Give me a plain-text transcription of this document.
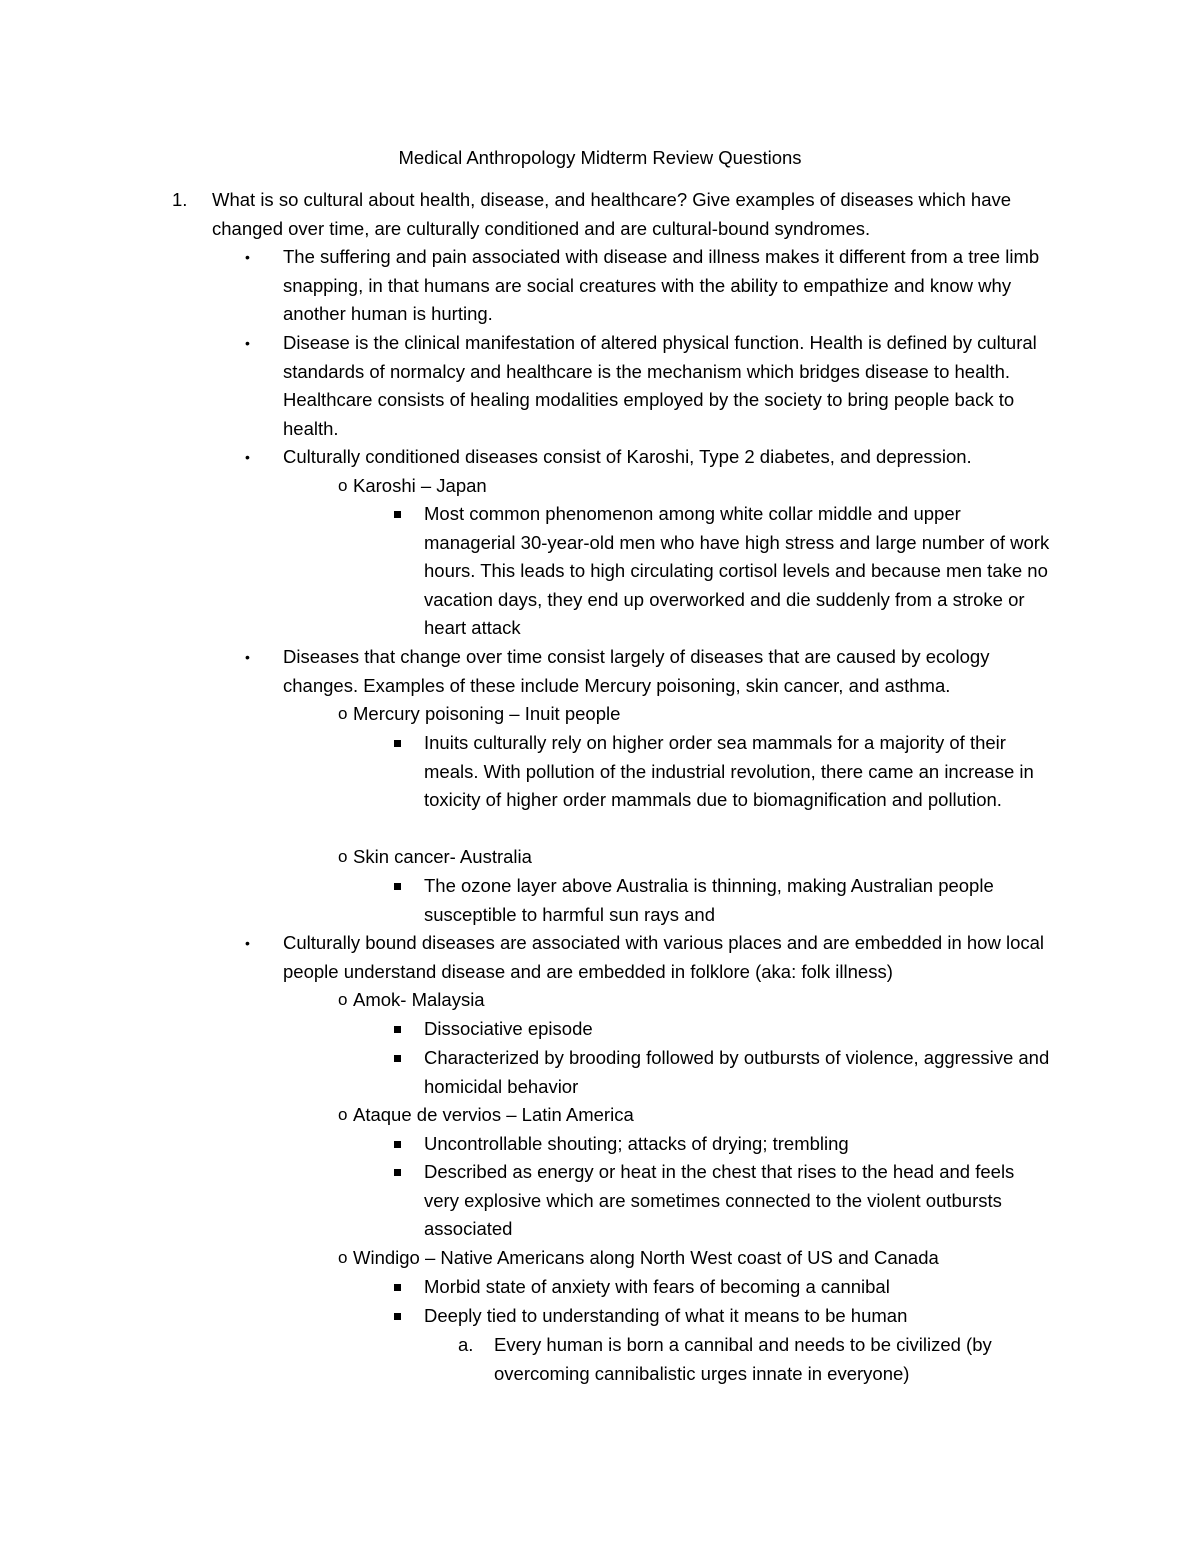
Medical Anthropology Midterm Review Questions
1. What is so cultural about health, disease, and healthcare? Give examples of diseases which have changed over time, are culturally conditioned and are cultural-bound syndromes.
• The suffering and pain associated with disease and illness makes it different from a tree limb snapping, in that humans are social creatures with the ability to empathize and know why another human is hurting.
• Disease is the clinical manifestation of altered physical function. Health is defined by cultural standards of normalcy and healthcare is the mechanism which bridges disease to health. Healthcare consists of healing modalities employed by the society to bring people back to health.
• Culturally conditioned diseases consist of Karoshi, Type 2 diabetes, and depression.
o Karoshi – Japan
Most common phenomenon among white collar middle and upper managerial 30-year-old men who have high stress and large number of work hours. This leads to high circulating cortisol levels and because men take no vacation days, they end up overworked and die suddenly from a stroke or heart attack
• Diseases that change over time consist largely of diseases that are caused by ecology changes. Examples of these include Mercury poisoning, skin cancer, and asthma.
o Mercury poisoning – Inuit people
Inuits culturally rely on higher order sea mammals for a majority of their meals. With pollution of the industrial revolution, there came an increase in toxicity of higher order mammals due to biomagnification and pollution.
o Skin cancer- Australia
The ozone layer above Australia is thinning, making Australian people susceptible to harmful sun rays and
• Culturally bound diseases are associated with various places and are embedded in how local people understand disease and are embedded in folklore (aka: folk illness)
o Amok- Malaysia
Dissociative episode
Characterized by brooding followed by outbursts of violence, aggressive and homicidal behavior
o Ataque de vervios – Latin America
Uncontrollable shouting; attacks of drying; trembling
Described as energy or heat in the chest that rises to the head and feels very explosive which are sometimes connected to the violent outbursts associated
o Windigo – Native Americans along North West coast of US and Canada
Morbid state of anxiety with fears of becoming a cannibal
Deeply tied to understanding of what it means to be human
a. Every human is born a cannibal and needs to be civilized (by overcoming cannibalistic urges innate in everyone)
